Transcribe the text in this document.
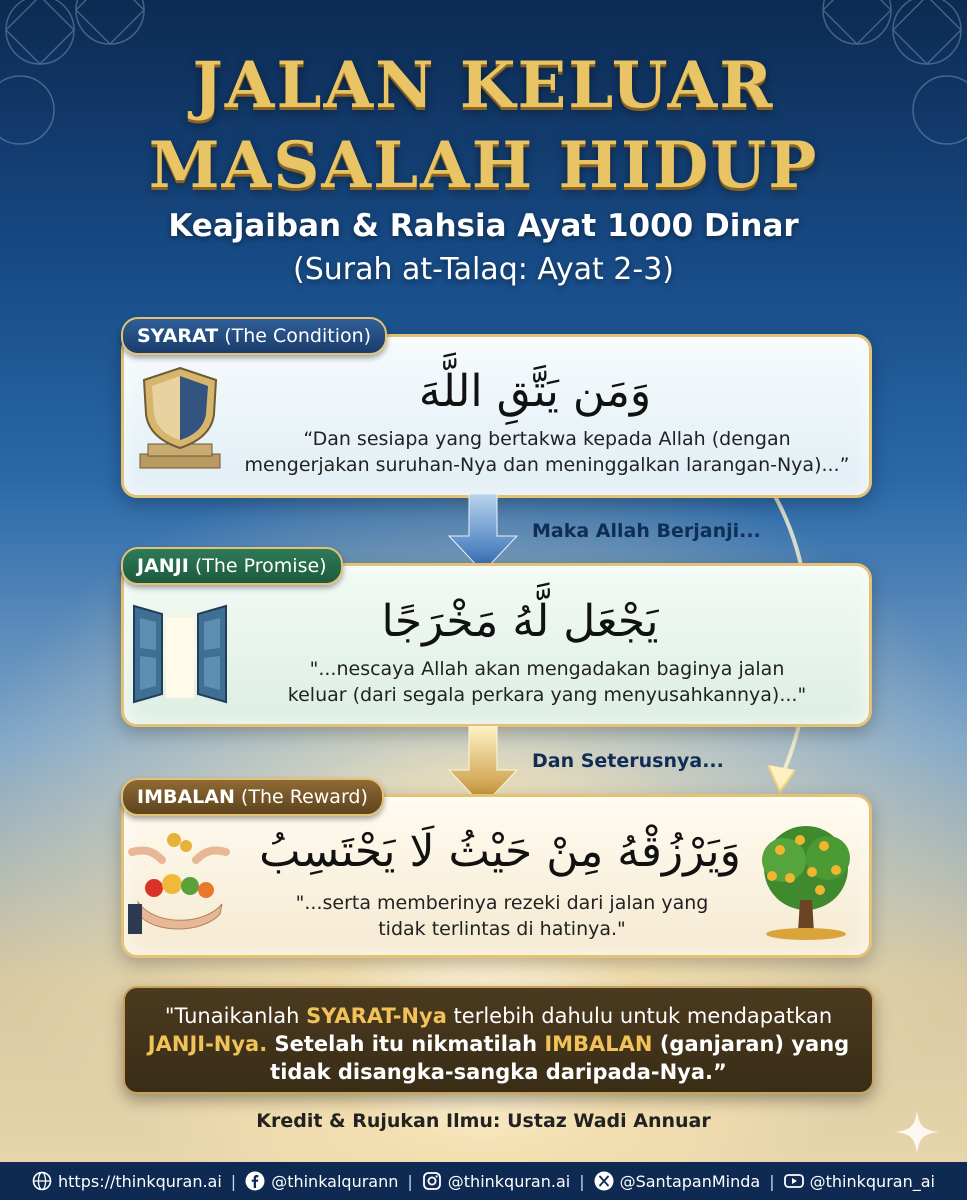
JALAN KELUAR
MASALAH HIDUP
Keajaiban & Rahsia Ayat 1000 Dinar
(Surah at-Talaq: Ayat 2-3)
SYARAT (The Condition)
وَمَن يَتَّقِ اللَّهَ
“Dan sesiapa yang bertakwa kepada Allah (dengan
mengerjakan suruhan-Nya dan meninggalkan larangan-Nya)...”
Maka Allah Berjanji...
JANJI (The Promise)
يَجْعَل لَّهُ مَخْرَجًا
"...nescaya Allah akan mengadakan baginya jalan
keluar (dari segala perkara yang menyusahkannya)..."
Dan Seterusnya...
IMBALAN (The Reward)
وَيَرْزُقْهُ مِنْ حَيْثُ لَا يَحْتَسِبُ
"...serta memberinya rezeki dari jalan yang
tidak terlintas di hatinya."
"Tunaikanlah SYARAT-Nya terlebih dahulu untuk mendapatkan
JANJI-Nya. Setelah itu nikmatilah IMBALAN (ganjaran) yang
tidak disangka-sangka daripada-Nya.”
Kredit & Rujukan Ilmu: Ustaz Wadi Annuar
https://thinkquran.ai | @thinkalqurann | @thinkquran.ai | @SantapanMinda | @thinkquran_ai
